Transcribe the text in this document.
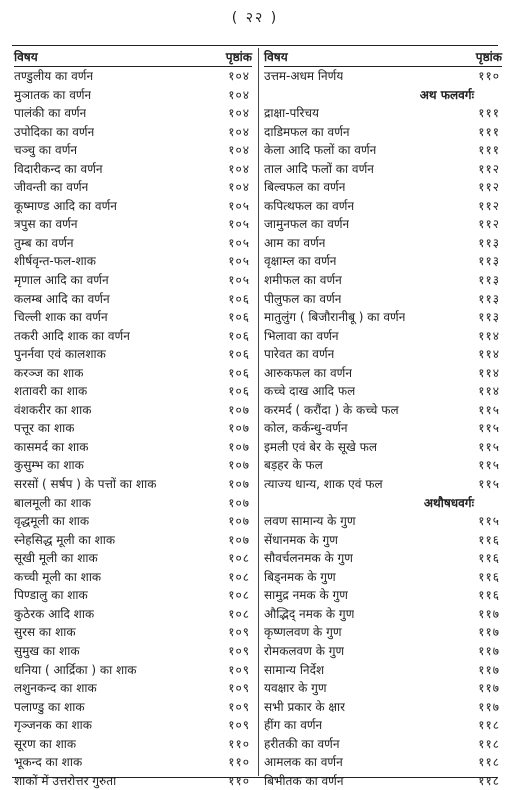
( २२ )
विषय	पृष्ठांक
तण्डुलीय का वर्णन	१०४
मुञातक का वर्णन	१०४
पालंकी का वर्णन	१०४
उपोदिका का वर्णन	१०४
चञ्चु का वर्णन	१०४
विदारीकन्द का वर्णन	१०४
जीवन्ती का वर्णन	१०४
कूष्माण्ड आदि का वर्णन	१०५
त्रपुस का वर्णन	१०५
तुम्ब का वर्णन	१०५
शीर्षवृन्त-फल-शाक	१०५
मृणाल आदि का वर्णन	१०५
कलम्ब आदि का वर्णन	१०६
चिल्ली शाक का वर्णन	१०६
तकरी आदि शाक का वर्णन	१०६
पुनर्नवा एवं कालशाक	१०६
करञ्ज का शाक	१०६
शतावरी का शाक	१०६
वंशकरीर का शाक	१०७
पत्तूर का शाक	१०७
कासमर्द का शाक	१०७
कुसुम्भ का शाक	१०७
सरसों ( सर्षप ) के पत्तों का शाक	१०७
बालमूली का शाक	१०७
वृद्धमूली का शाक	१०७
स्नेहसिद्ध मूली का शाक	१०७
सूखी मूली का शाक	१०८
कच्ची मूली का शाक	१०८
पिण्डालु का शाक	१०८
कुठेरक आदि शाक	१०८
सुरस का शाक	१०९
सुमुख का शाक	१०९
धनिया ( आर्द्रिका ) का शाक	१०९
लशुनकन्द का शाक	१०९
पलाण्डु का शाक	१०९
गृञ्जनक का शाक	१०९
सूरण का शाक	११०
भूकन्द का शाक	११०
शाकों में उत्तरोत्तर गुरुता	११०
विषय	पृष्ठांक
उत्तम-अधम निर्णय	११०
अथ फलवर्गः
द्राक्षा-परिचय	१११
दाडिमफल का वर्णन	१११
केला आदि फलों का वर्णन	१११
ताल आदि फलों का वर्णन	११२
बिल्वफल का वर्णन	११२
कपित्थफल का वर्णन	११२
जामुनफल का वर्णन	११२
आम का वर्णन	११३
वृक्षाम्ल का वर्णन	११३
शमीफल का वर्णन	११३
पीलुफल का वर्णन	११३
मातुलुंग ( बिजौरानीबू ) का वर्णन	११३
भिलावा का वर्णन	११४
पारेवत का वर्णन	११४
आरुकफल का वर्णन	११४
कच्चे दाख आदि फल	११४
करमर्द ( करौंदा ) के कच्चे फल	११५
कोल, कर्कन्धु-वर्णन	११५
इमली एवं बेर के सूखे फल	११५
बड़हर के फल	११५
त्याज्य धान्य, शाक एवं फल	११५
अथौषधवर्गः
लवण सामान्य के गुण	११५
सेंधानमक के गुण	११६
सौवर्चलनमक के गुण	११६
बिड्नमक के गुण	११६
सामुद्र नमक के गुण	११६
औद्भिद् नमक के गुण	११७
कृष्णलवण के गुण	११७
रोमकलवण के गुण	११७
सामान्य निर्देश	११७
यवक्षार के गुण	११७
सभी प्रकार के क्षार	११७
हींग का वर्णन	११८
हरीतकी का वर्णन	११८
आमलक का वर्णन	११८
बिभीतक का वर्णन	११८
